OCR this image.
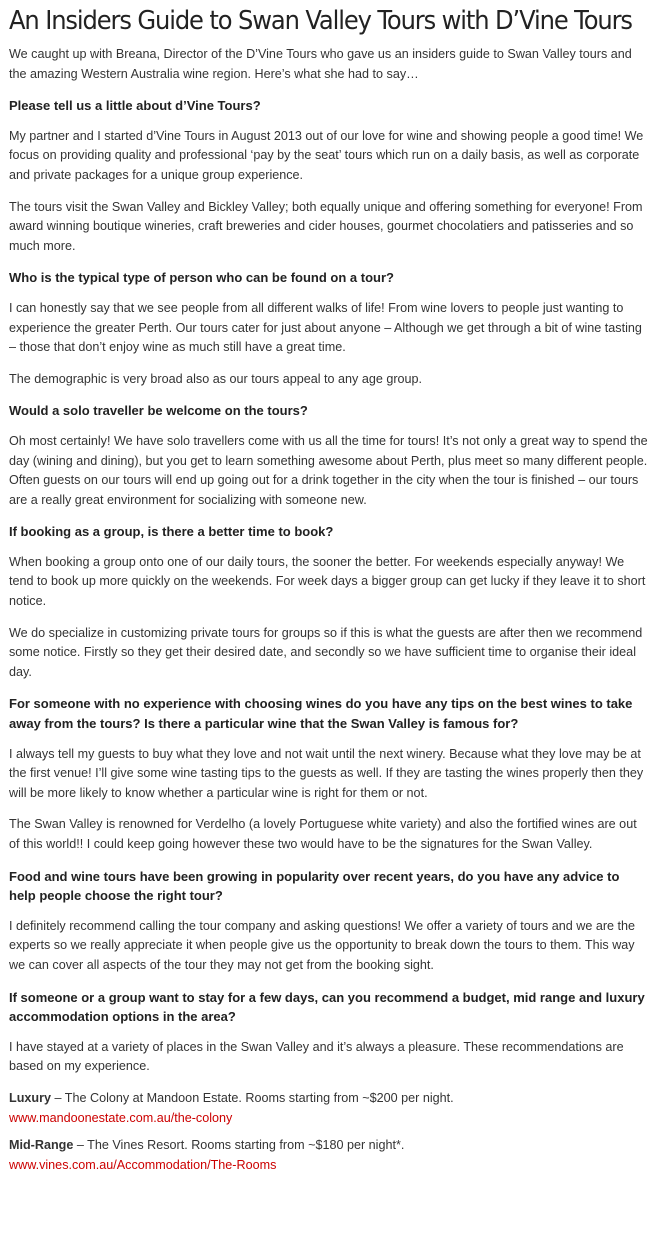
An Insiders Guide to Swan Valley Tours with D’Vine Tours

We caught up with Breana, Director of the D’Vine Tours who gave us an insiders guide to Swan Valley tours and the amazing Western Australia wine region. Here’s what she had to say…

Please tell us a little about d’Vine Tours?

My partner and I started d’Vine Tours in August 2013 out of our love for wine and showing people a good time! We focus on providing quality and professional ‘pay by the seat’ tours which run on a daily basis, as well as corporate and private packages for a unique group experience.

The tours visit the Swan Valley and Bickley Valley; both equally unique and offering something for everyone! From award winning boutique wineries, craft breweries and cider houses, gourmet chocolatiers and patisseries and so much more.

Who is the typical type of person who can be found on a tour?

I can honestly say that we see people from all different walks of life! From wine lovers to people just wanting to experience the greater Perth. Our tours cater for just about anyone – Although we get through a bit of wine tasting – those that don’t enjoy wine as much still have a great time.

The demographic is very broad also as our tours appeal to any age group.

Would a solo traveller be welcome on the tours?

Oh most certainly! We have solo travellers come with us all the time for tours! It’s not only a great way to spend the day (wining and dining), but you get to learn something awesome about Perth, plus meet so many different people. Often guests on our tours will end up going out for a drink together in the city when the tour is finished – our tours are a really great environment for socializing with someone new.

If booking as a group, is there a better time to book?

When booking a group onto one of our daily tours, the sooner the better. For weekends especially anyway! We tend to book up more quickly on the weekends. For week days a bigger group can get lucky if they leave it to short notice.

We do specialize in customizing private tours for groups so if this is what the guests are after then we recommend some notice. Firstly so they get their desired date, and secondly so we have sufficient time to organise their ideal day.

For someone with no experience with choosing wines do you have any tips on the best wines to take away from the tours? Is there a particular wine that the Swan Valley is famous for?

I always tell my guests to buy what they love and not wait until the next winery. Because what they love may be at the first venue! I’ll give some wine tasting tips to the guests as well. If they are tasting the wines properly then they will be more likely to know whether a particular wine is right for them or not.

The Swan Valley is renowned for Verdelho (a lovely Portuguese white variety) and also the fortified wines are out of this world!! I could keep going however these two would have to be the signatures for the Swan Valley.

Food and wine tours have been growing in popularity over recent years, do you have any advice to help people choose the right tour?

I definitely recommend calling the tour company and asking questions! We offer a variety of tours and we are the experts so we really appreciate it when people give us the opportunity to break down the tours to them. This way we can cover all aspects of the tour they may not get from the booking sight.

If someone or a group want to stay for a few days, can you recommend a budget, mid range and luxury accommodation options in the area?

I have stayed at a variety of places in the Swan Valley and it’s always a pleasure. These recommendations are based on my experience.

Luxury – The Colony at Mandoon Estate. Rooms starting from ~$200 per night.
www.mandoonestate.com.au/the-colony

Mid-Range – The Vines Resort. Rooms starting from ~$180 per night*.
www.vines.com.au/Accommodation/The-Rooms
